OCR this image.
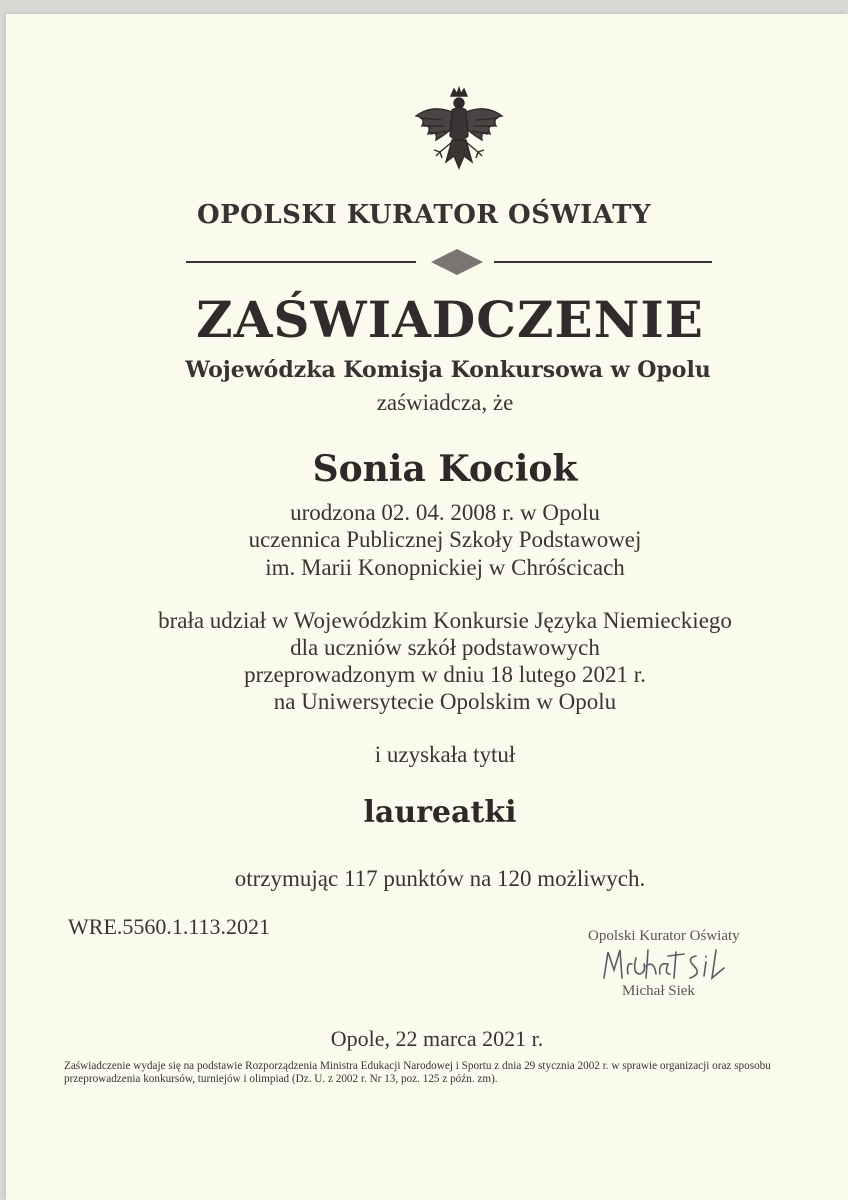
OPOLSKI KURATOR OŚWIATY
ZAŚWIADCZENIE
Wojewódzka Komisja Konkursowa w Opolu
zaświadcza, że
Sonia Kociok
urodzona 02. 04. 2008 r. w Opolu
uczennica Publicznej Szkoły Podstawowej
im. Marii Konopnickiej w Chróścicach
brała udział w Wojewódzkim Konkursie Języka Niemieckiego
dla uczniów szkół podstawowych
przeprowadzonym w dniu 18 lutego 2021 r.
na Uniwersytecie Opolskim w Opolu
i uzyskała tytuł
laureatki
otrzymując 117 punktów na 120 możliwych.
WRE.5560.1.113.2021	Opolski Kurator Oświaty
Michał Siek
Opole, 22 marca 2021 r.
Zaświadczenie wydaje się na podstawie Rozporządzenia Ministra Edukacji Narodowej i Sportu z dnia 29 stycznia 2002 r. w sprawie organizacji oraz sposobu przeprowadzenia konkursów, turniejów i olimpiad (Dz. U. z 2002 r. Nr 13, poz. 125 z późn. zm).
